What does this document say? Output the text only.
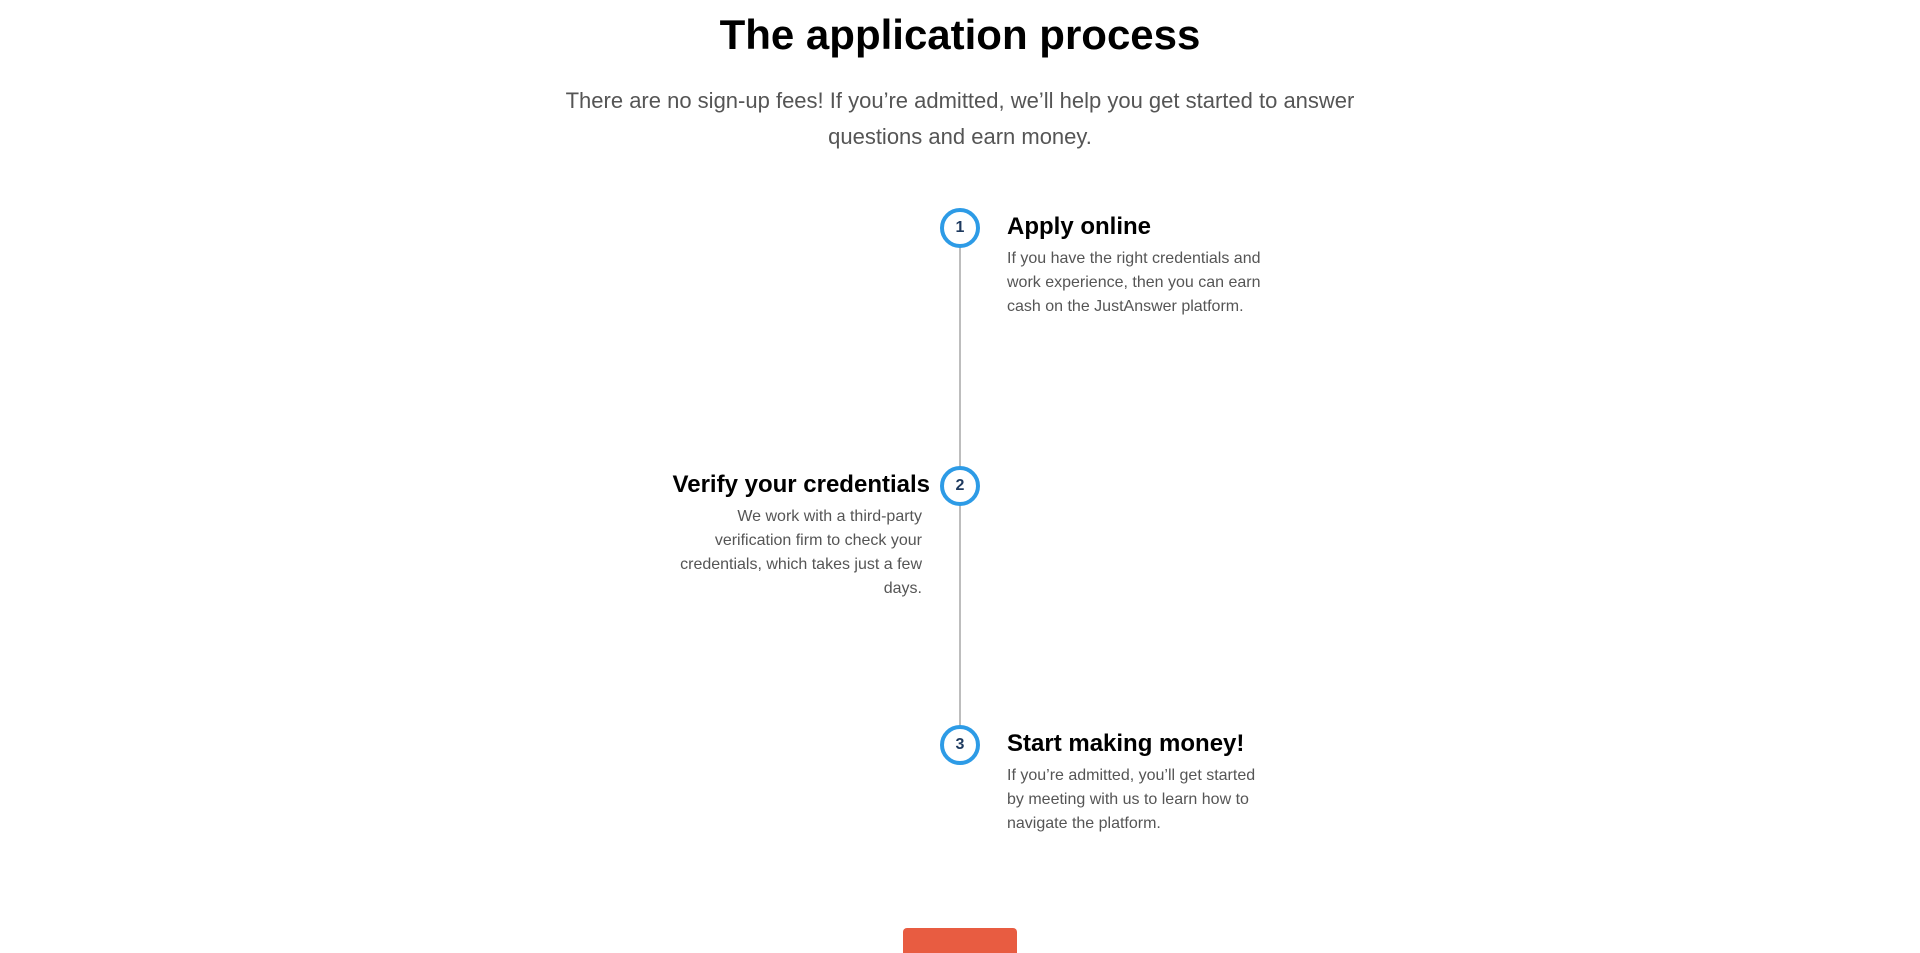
The application process

There are no sign-up fees! If you’re admitted, we’ll help you get started to answer questions and earn money.

1	Apply online

If you have the right credentials and work experience, then you can earn cash on the JustAnswer platform.

2
Verify your credentials

We work with a third-party verification firm to check your credentials, which takes just a few days.

3	Start making money!

If you’re admitted, you’ll get started by meeting with us to learn how to navigate the platform.
